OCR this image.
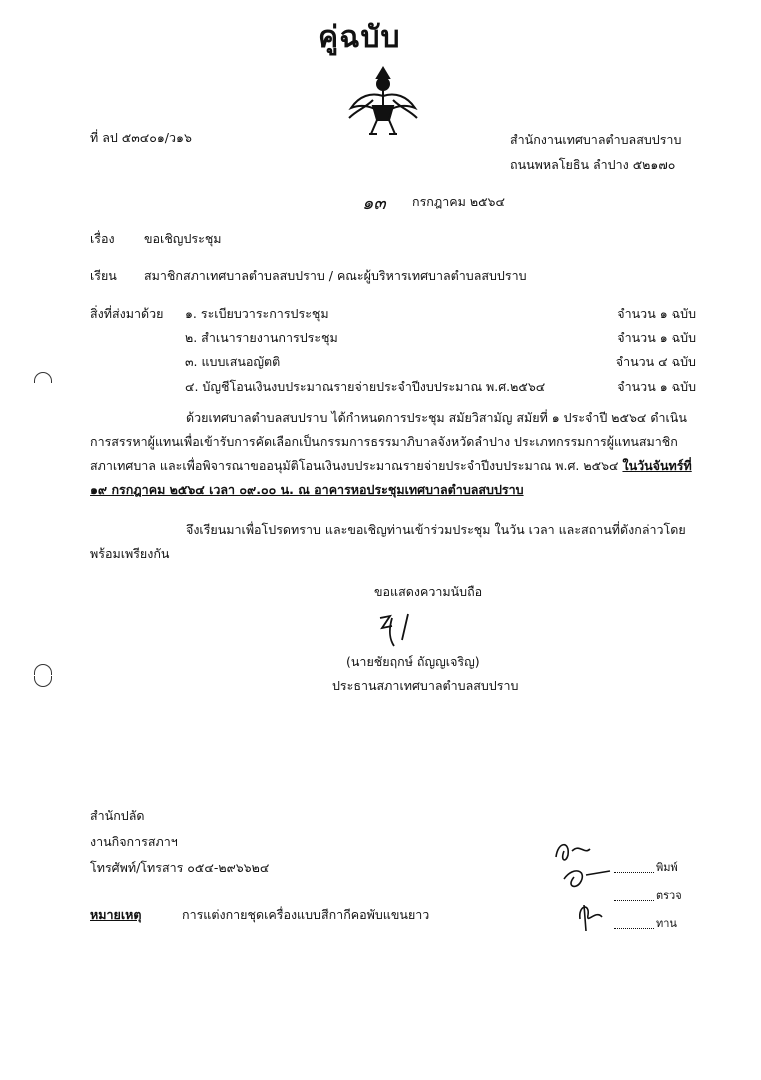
คู่ฉบับ
ที่ ลป ๕๓๔๐๑/ว๑๖	สำนักงานเทศบาลตำบลสบปราบ
ถนนพหลโยธิน ลำปาง ๕๒๑๗๐
๑๓ กรกฎาคม ๒๕๖๔
เรื่อง ขอเชิญประชุม
เรียน สมาชิกสภาเทศบาลตำบลสบปราบ / คณะผู้บริหารเทศบาลตำบลสบปราบ
สิ่งที่ส่งมาด้วย ๑. ระเบียบวาระการประชุม	จำนวน ๑ ฉบับ
๒. สำเนารายงานการประชุม	จำนวน ๑ ฉบับ
๓. แบบเสนอญัตติ	จำนวน ๔ ฉบับ
๔. บัญชีโอนเงินงบประมาณรายจ่ายประจำปีงบประมาณ พ.ศ.๒๕๖๔	จำนวน ๑ ฉบับ
ด้วยเทศบาลตำบลสบปราบ ได้กำหนดการประชุม สมัยวิสามัญ สมัยที่ ๑ ประจำปี ๒๕๖๔ ดำเนินการสรรหาผู้แทนเพื่อเข้ารับการคัดเลือกเป็นกรรมการธรรมาภิบาลจังหวัดลำปาง ประเภทกรรมการผู้แทนสมาชิกสภาเทศบาล และเพื่อพิจารณาขออนุมัติโอนเงินงบประมาณรายจ่ายประจำปีงบประมาณ พ.ศ. ๒๕๖๔ ในวันจันทร์ที่ ๑๙ กรกฎาคม ๒๕๖๔ เวลา ๐๙.๐๐ น. ณ อาคารหอประชุมเทศบาลตำบลสบปราบ
จึงเรียนมาเพื่อโปรดทราบ และขอเชิญท่านเข้าร่วมประชุม ในวัน เวลา และสถานที่ดังกล่าวโดยพร้อมเพรียงกัน
ขอแสดงความนับถือ
(นายชัยฤกษ์ ถัญญเจริญ)
ประธานสภาเทศบาลตำบลสบปราบ
สำนักปลัด
งานกิจการสภาฯ
โทรศัพท์/โทรสาร ๐๕๔-๒๙๖๖๒๔
หมายเหตุ	การแต่งกายชุดเครื่องแบบสีกากีคอพับแขนยาว
พิมพ์
ตรวจ
ทาน
